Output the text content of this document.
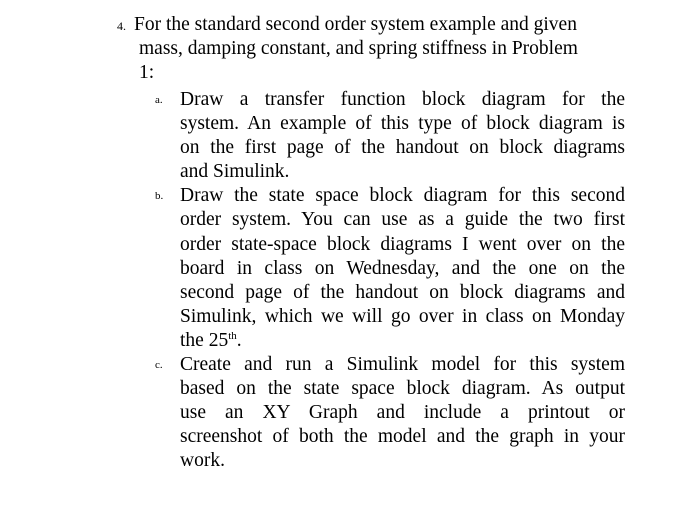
4. For the standard second order system example and given
mass, damping constant, and spring stiffness in Problem
1:
a. Draw a transfer function block diagram for the
system. An example of this type of block diagram is
on the first page of the handout on block diagrams
and Simulink.
b. Draw the state space block diagram for this second
order system. You can use as a guide the two first
order state-space block diagrams I went over on the
board in class on Wednesday, and the one on the
second page of the handout on block diagrams and
Simulink, which we will go over in class on Monday
the 25th.
c. Create and run a Simulink model for this system
based on the state space block diagram. As output
use an XY Graph and include a printout or
screenshot of both the model and the graph in your
work.
